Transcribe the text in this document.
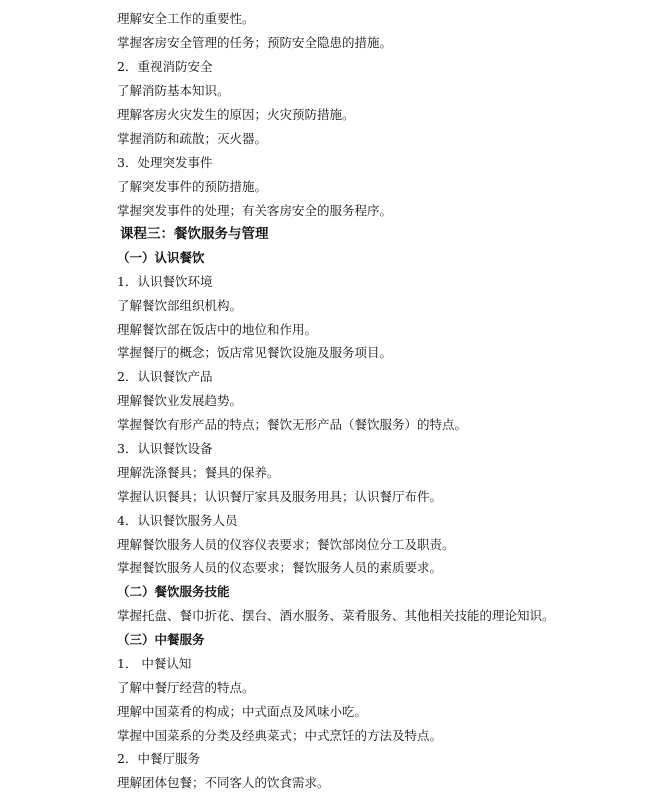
理解安全工作的重要性。
掌握客房安全管理的任务；预防安全隐患的措施。
2．重视消防安全
了解消防基本知识。
理解客房火灾发生的原因；火灾预防措施。
掌握消防和疏散；灭火器。
3．处理突发事件
了解突发事件的预防措施。
掌握突发事件的处理；有关客房安全的服务程序。
课程三：餐饮服务与管理
（一）认识餐饮
1．认识餐饮环境
了解餐饮部组织机构。
理解餐饮部在饭店中的地位和作用。
掌握餐厅的概念；饭店常见餐饮设施及服务项目。
2．认识餐饮产品
理解餐饮业发展趋势。
掌握餐饮有形产品的特点；餐饮无形产品（餐饮服务）的特点。
3．认识餐饮设备
理解洗涤餐具；餐具的保养。
掌握认识餐具；认识餐厅家具及服务用具；认识餐厅布件。
4．认识餐饮服务人员
理解餐饮服务人员的仪容仪表要求；餐饮部岗位分工及职责。
掌握餐饮服务人员的仪态要求；餐饮服务人员的素质要求。
（二）餐饮服务技能
掌握托盘、餐巾折花、摆台、酒水服务、菜肴服务、其他相关技能的理论知识。
（三）中餐服务
1． 中餐认知
了解中餐厅经营的特点。
理解中国菜肴的构成；中式面点及风味小吃。
掌握中国菜系的分类及经典菜式；中式烹饪的方法及特点。
2．中餐厅服务
理解团体包餐；不同客人的饮食需求。
